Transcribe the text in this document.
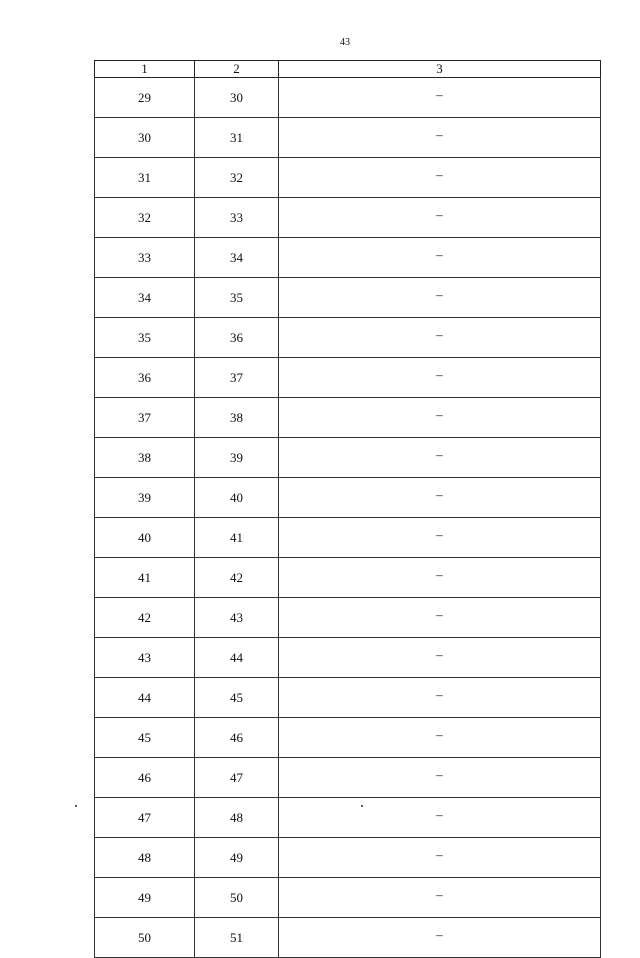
43
1	2	3
29	30	–
30	31	–
31	32	–
32	33	–
33	34	–
34	35	–
35	36	–
36	37	–
37	38	–
38	39	–
39	40	–
40	41	–
41	42	–
42	43	–
43	44	–
44	45	–
45	46	–
46	47	–
47	48	–
48	49	–
49	50	–
50	51	–
